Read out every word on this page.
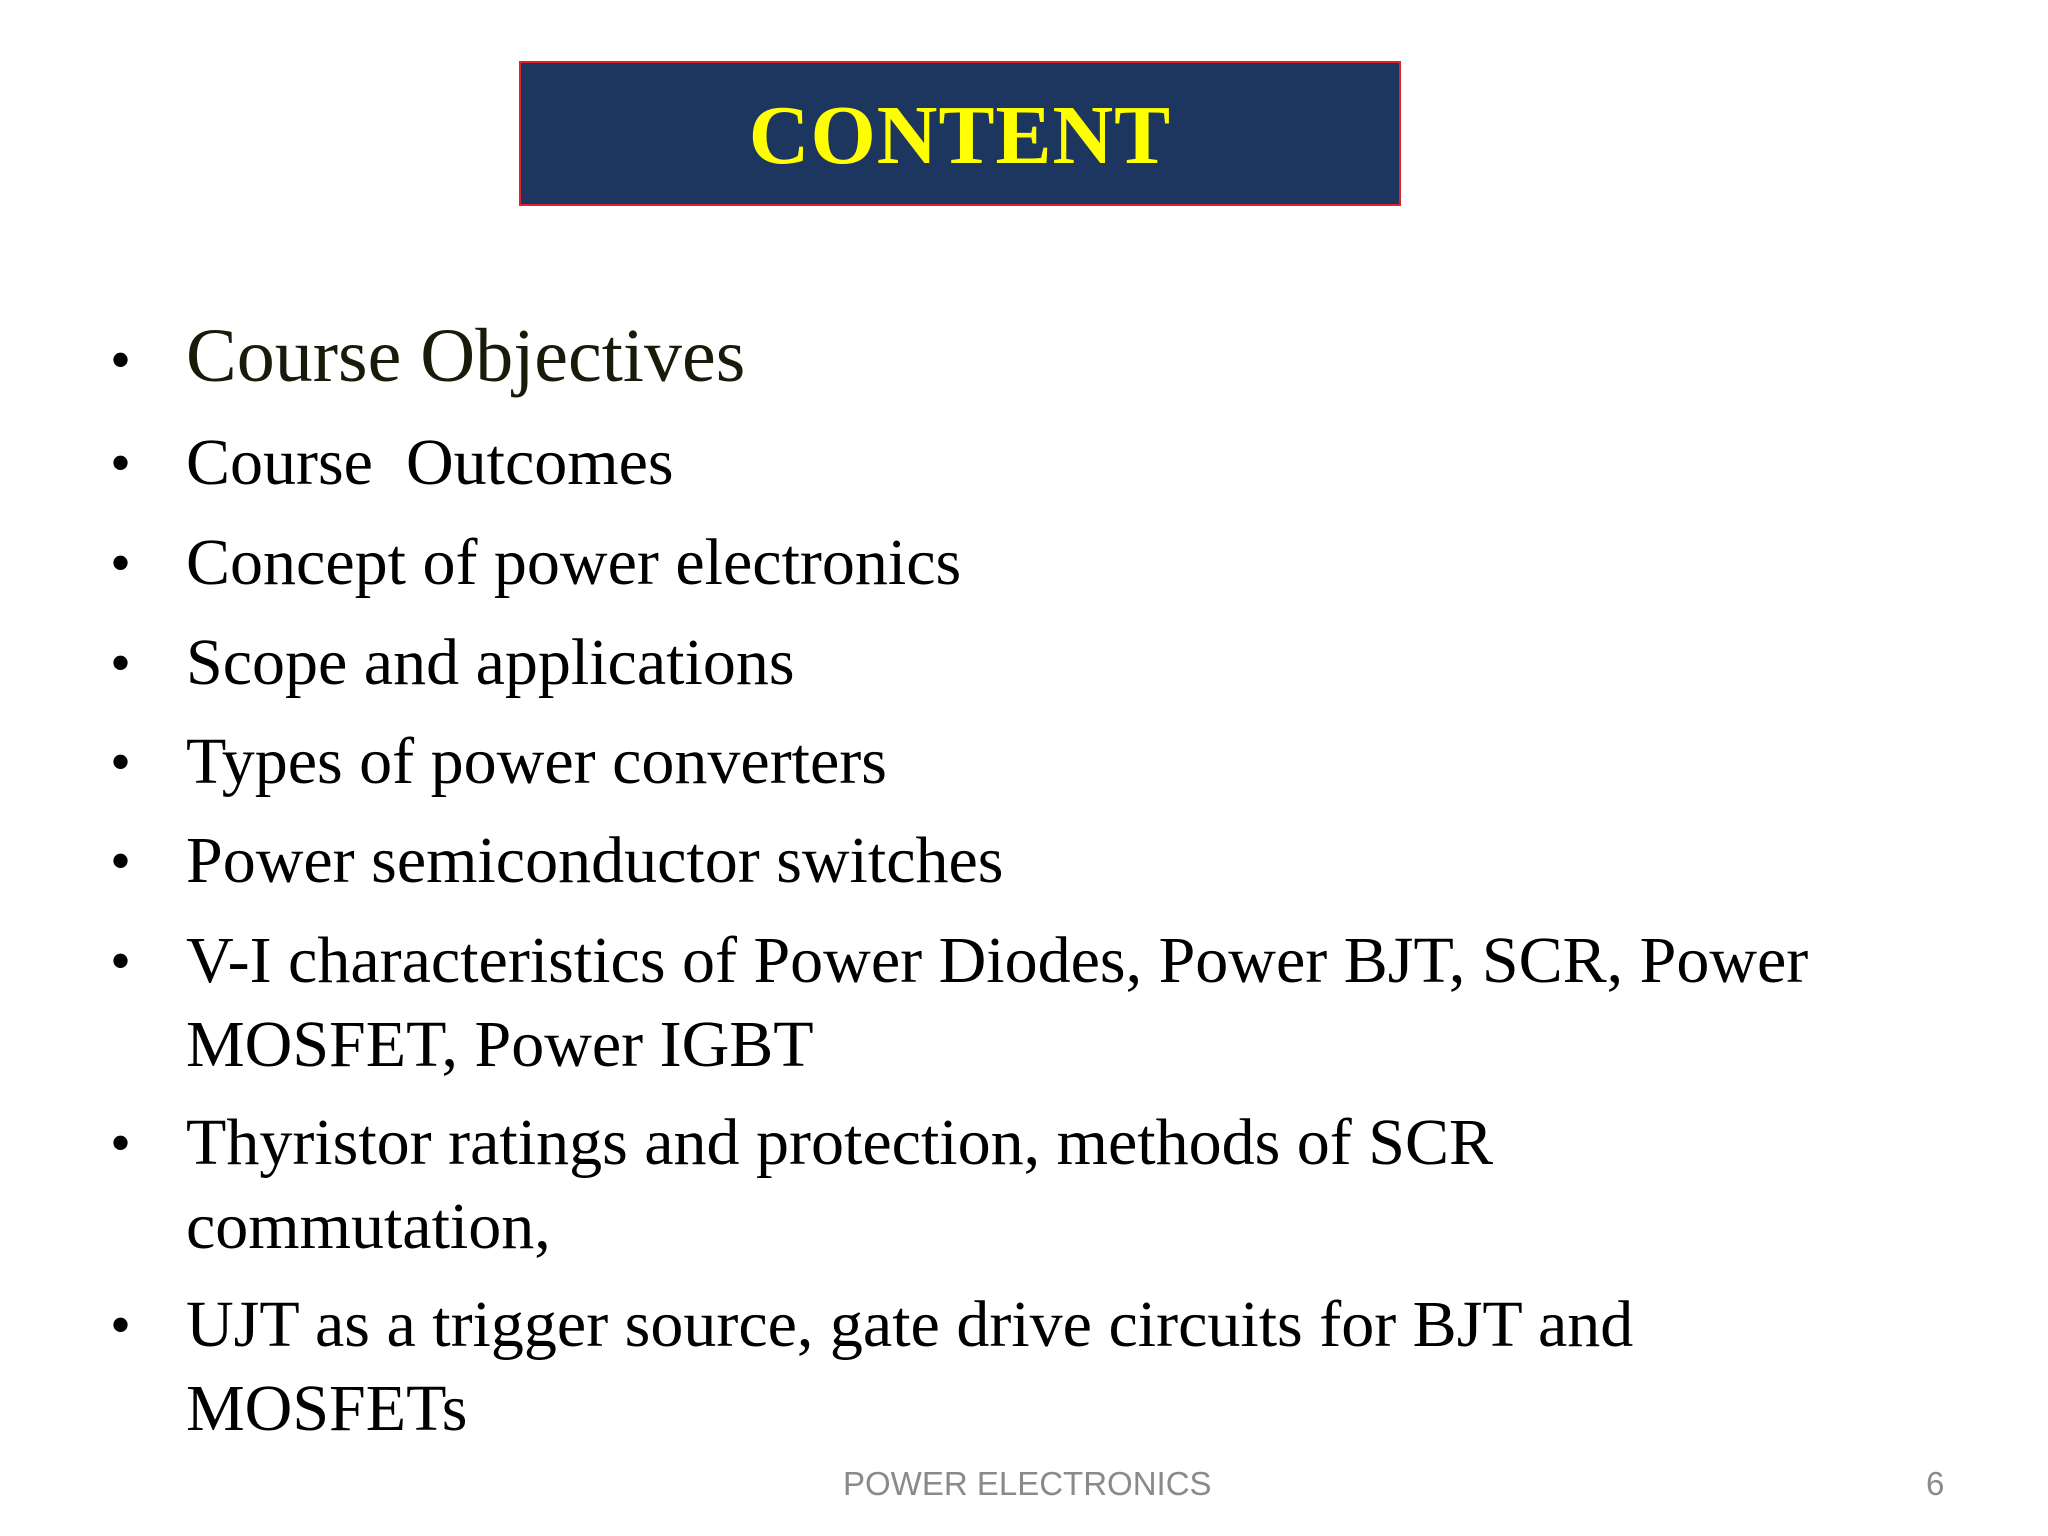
CONTENT
• Course Objectives
• Course  Outcomes
• Concept of power electronics
• Scope and applications
• Types of power converters
• Power semiconductor switches
• V-I characteristics of Power Diodes, Power BJT, SCR, Power
MOSFET, Power IGBT
• Thyristor ratings and protection, methods of SCR
commutation,
• UJT as a trigger source, gate drive circuits for BJT and
MOSFETs
POWER ELECTRONICS	6
